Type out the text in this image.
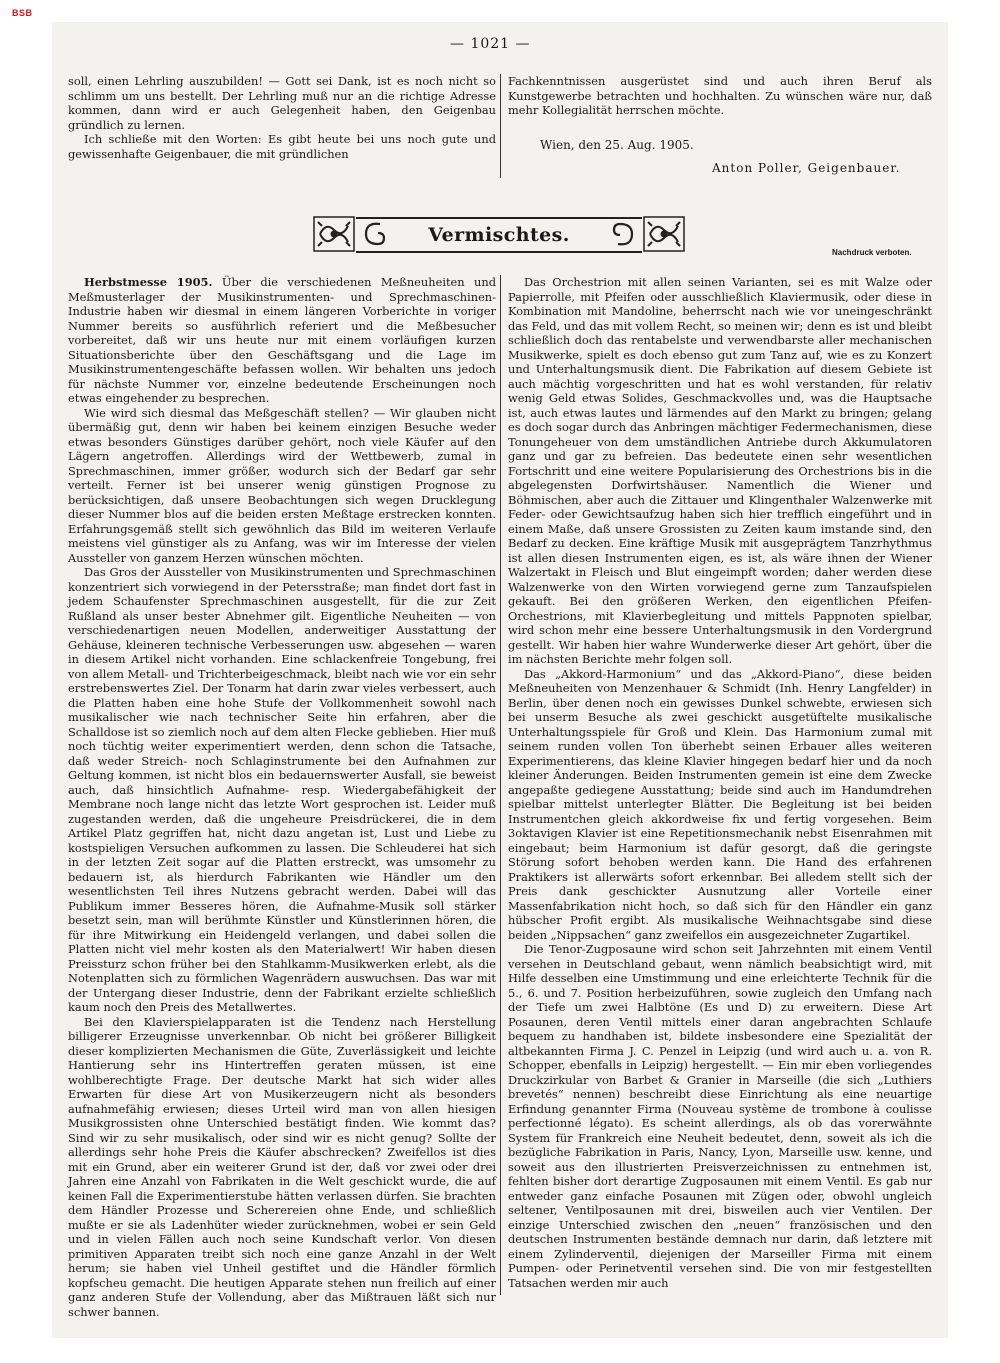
BSB
— 1021 —

soll, einen Lehrling auszubilden! — Gott sei Dank, ist es noch nicht so schlimm um uns bestellt. Der Lehrling muß nur an die richtige Adresse kommen, dann wird er auch Gelegenheit haben, den Geigenbau gründlich zu lernen.

Ich schließe mit den Worten: Es gibt heute bei uns noch gute und gewissenhafte Geigenbauer, die mit gründlichen

Fachkenntnissen ausgerüstet sind und auch ihren Beruf als Kunstgewerbe betrachten und hochhalten. Zu wünschen wäre nur, daß mehr Kollegialität herrschen möchte.

Wien, den 25. Aug. 1905.
Anton Poller, Geigenbauer.
Vermischtes.
Nachdruck verboten.

Herbstmesse 1905. Über die verschiedenen Meßneuheiten und Meßmusterlager der Musikinstrumenten- und Sprechmaschinen-Industrie haben wir diesmal in einem längeren Vorberichte in voriger Nummer bereits so ausführlich referiert und die Meßbesucher vorbereitet, daß wir uns heute nur mit einem vorläufigen kurzen Situationsberichte über den Geschäftsgang und die Lage im Musikinstrumentengeschäfte befassen wollen. Wir behalten uns jedoch für nächste Nummer vor, einzelne bedeutende Erscheinungen noch etwas eingehender zu besprechen.

Wie wird sich diesmal das Meßgeschäft stellen? — Wir glauben nicht übermäßig gut, denn wir haben bei keinem einzigen Besuche weder etwas besonders Günstiges darüber gehört, noch viele Käufer auf den Lägern angetroffen. Allerdings wird der Wettbewerb, zumal in Sprechmaschinen, immer größer, wodurch sich der Bedarf gar sehr verteilt. Ferner ist bei unserer wenig günstigen Prognose zu berücksichtigen, daß unsere Beobachtungen sich wegen Drucklegung dieser Nummer blos auf die beiden ersten Meßtage erstrecken konnten. Erfahrungsgemäß stellt sich gewöhnlich das Bild im weiteren Verlaufe meistens viel günstiger als zu Anfang, was wir im Interesse der vielen Aussteller von ganzem Herzen wünschen möchten.

Das Gros der Aussteller von Musikinstrumenten und Sprechmaschinen konzentriert sich vorwiegend in der Petersstraße; man findet dort fast in jedem Schaufenster Sprechmaschinen ausgestellt, für die zur Zeit Rußland als unser bester Abnehmer gilt. Eigentliche Neuheiten — von verschiedenartigen neuen Modellen, anderweitiger Ausstattung der Gehäuse, kleineren technische Verbesserungen usw. abgesehen — waren in diesem Artikel nicht vorhanden. Eine schlackenfreie Tongebung, frei von allem Metall- und Trichterbeigeschmack, bleibt nach wie vor ein sehr erstrebenswertes Ziel. Der Tonarm hat darin zwar vieles verbessert, auch die Platten haben eine hohe Stufe der Vollkommenheit sowohl nach musikalischer wie nach technischer Seite hin erfahren, aber die Schalldose ist so ziemlich noch auf dem alten Flecke geblieben. Hier muß noch tüchtig weiter experimentiert werden, denn schon die Tatsache, daß weder Streich- noch Schlaginstrumente bei den Aufnahmen zur Geltung kommen, ist nicht blos ein bedauernswerter Ausfall, sie beweist auch, daß hinsichtlich Aufnahme- resp. Wiedergabefähigkeit der Membrane noch lange nicht das letzte Wort gesprochen ist. Leider muß zugestanden werden, daß die ungeheure Preisdrückerei, die in dem Artikel Platz gegriffen hat, nicht dazu angetan ist, Lust und Liebe zu kostspieligen Versuchen aufkommen zu lassen. Die Schleuderei hat sich in der letzten Zeit sogar auf die Platten erstreckt, was umsomehr zu bedauern ist, als hierdurch Fabrikanten wie Händler um den wesentlichsten Teil ihres Nutzens gebracht werden. Dabei will das Publikum immer Besseres hören, die Aufnahme-Musik soll stärker besetzt sein, man will berühmte Künstler und Künstlerinnen hören, die für ihre Mitwirkung ein Heidengeld verlangen, und dabei sollen die Platten nicht viel mehr kosten als den Materialwert! Wir haben diesen Preissturz schon früher bei den Stahlkamm-Musikwerken erlebt, als die Notenplatten sich zu förmlichen Wagenrädern auswuchsen. Das war mit der Untergang dieser Industrie, denn der Fabrikant erzielte schließlich kaum noch den Preis des Metallwertes.

Bei den Klavierspielapparaten ist die Tendenz nach Herstellung billigerer Erzeugnisse unverkennbar. Ob nicht bei größerer Billigkeit dieser komplizierten Mechanismen die Güte, Zuverlässigkeit und leichte Hantierung sehr ins Hintertreffen geraten müssen, ist eine wohlberechtigte Frage. Der deutsche Markt hat sich wider alles Erwarten für diese Art von Musikerzeugern nicht als besonders aufnahmefähig erwiesen; dieses Urteil wird man von allen hiesigen Musikgrossisten ohne Unterschied bestätigt finden. Wie kommt das? Sind wir zu sehr musikalisch, oder sind wir es nicht genug? Sollte der allerdings sehr hohe Preis die Käufer abschrecken? Zweifellos ist dies mit ein Grund, aber ein weiterer Grund ist der, daß vor zwei oder drei Jahren eine Anzahl von Fabrikaten in die Welt geschickt wurde, die auf keinen Fall die Experimentierstube hätten verlassen dürfen. Sie brachten dem Händler Prozesse und Scherereien ohne Ende, und schließlich mußte er sie als Ladenhüter wieder zurücknehmen, wobei er sein Geld und in vielen Fällen auch noch seine Kundschaft verlor. Von diesen primitiven Apparaten treibt sich noch eine ganze Anzahl in der Welt herum; sie haben viel Unheil gestiftet und die Händler förmlich kopfscheu gemacht. Die heutigen Apparate stehen nun freilich auf einer ganz anderen Stufe der Vollendung, aber das Mißtrauen läßt sich nur schwer bannen.

Das Orchestrion mit allen seinen Varianten, sei es mit Walze oder Papierrolle, mit Pfeifen oder ausschließlich Klaviermusik, oder diese in Kombination mit Mandoline, beherrscht nach wie vor uneingeschränkt das Feld, und das mit vollem Recht, so meinen wir; denn es ist und bleibt schließlich doch das rentabelste und verwendbarste aller mechanischen Musikwerke, spielt es doch ebenso gut zum Tanz auf, wie es zu Konzert und Unterhaltungsmusik dient. Die Fabrikation auf diesem Gebiete ist auch mächtig vorgeschritten und hat es wohl verstanden, für relativ wenig Geld etwas Solides, Geschmackvolles und, was die Hauptsache ist, auch etwas lautes und lärmendes auf den Markt zu bringen; gelang es doch sogar durch das Anbringen mächtiger Federmechanismen, diese Tonungeheuer von dem umständlichen Antriebe durch Akkumulatoren ganz und gar zu befreien. Das bedeutete einen sehr wesentlichen Fortschritt und eine weitere Popularisierung des Orchestrions bis in die abgelegensten Dorfwirtshäuser. Namentlich die Wiener und Böhmischen, aber auch die Zittauer und Klingenthaler Walzenwerke mit Feder- oder Gewichtsaufzug haben sich hier trefflich eingeführt und in einem Maße, daß unsere Grossisten zu Zeiten kaum imstande sind, den Bedarf zu decken. Eine kräftige Musik mit ausgeprägtem Tanzrhythmus ist allen diesen Instrumenten eigen, es ist, als wäre ihnen der Wiener Walzertakt in Fleisch und Blut eingeimpft worden; daher werden diese Walzenwerke von den Wirten vorwiegend gerne zum Tanzaufspielen gekauft. Bei den größeren Werken, den eigentlichen Pfeifen-Orchestrions, mit Klavierbegleitung und mittels Pappnoten spielbar, wird schon mehr eine bessere Unterhaltungsmusik in den Vordergrund gestellt. Wir haben hier wahre Wunderwerke dieser Art gehört, über die im nächsten Berichte mehr folgen soll.

Das „Akkord-Harmonium“ und das „Akkord-Piano“, diese beiden Meßneuheiten von Menzenhauer & Schmidt (Inh. Henry Langfelder) in Berlin, über denen noch ein gewisses Dunkel schwebte, erwiesen sich bei unserm Besuche als zwei geschickt ausgetüftelte musikalische Unterhaltungsspiele für Groß und Klein. Das Harmonium zumal mit seinem runden vollen Ton überhebt seinen Erbauer alles weiteren Experimentierens, das kleine Klavier hingegen bedarf hier und da noch kleiner Änderungen. Beiden Instrumenten gemein ist eine dem Zwecke angepaßte gediegene Ausstattung; beide sind auch im Handumdrehen spielbar mittelst unterlegter Blätter. Die Begleitung ist bei beiden Instrumentchen gleich akkordweise fix und fertig vorgesehen. Beim 3oktavigen Klavier ist eine Repetitionsmechanik nebst Eisenrahmen mit eingebaut; beim Harmonium ist dafür gesorgt, daß die geringste Störung sofort behoben werden kann. Die Hand des erfahrenen Praktikers ist allerwärts sofort erkennbar. Bei alledem stellt sich der Preis dank geschickter Ausnutzung aller Vorteile einer Massenfabrikation nicht hoch, so daß sich für den Händler ein ganz hübscher Profit ergibt. Als musikalische Weihnachtsgabe sind diese beiden „Nippsachen“ ganz zweifellos ein ausgezeichneter Zugartikel.

Die Tenor-Zugposaune wird schon seit Jahrzehnten mit einem Ventil versehen in Deutschland gebaut, wenn nämlich beabsichtigt wird, mit Hilfe desselben eine Umstimmung und eine erleichterte Technik für die 5., 6. und 7. Position herbeizuführen, sowie zugleich den Umfang nach der Tiefe um zwei Halbtöne (Es und D) zu erweitern. Diese Art Posaunen, deren Ventil mittels einer daran angebrachten Schlaufe bequem zu handhaben ist, bildete insbesondere eine Spezialität der altbekannten Firma J. C. Penzel in Leipzig (und wird auch u. a. von R. Schopper, ebenfalls in Leipzig) hergestellt. — Ein mir eben vorliegendes Druckzirkular von Barbet & Granier in Marseille (die sich „Luthiers brevetés“ nennen) beschreibt diese Einrichtung als eine neuartige Erfindung genannter Firma (Nouveau système de trombone à coulisse perfectionné légato). Es scheint allerdings, als ob das vorerwähnte System für Frankreich eine Neuheit bedeutet, denn, soweit als ich die bezügliche Fabrikation in Paris, Nancy, Lyon, Marseille usw. kenne, und soweit aus den illustrierten Preisverzeichnissen zu entnehmen ist, fehlten bisher dort derartige Zugposaunen mit einem Ventil. Es gab nur entweder ganz einfache Posaunen mit Zügen oder, obwohl ungleich seltener, Ventilposaunen mit drei, bisweilen auch vier Ventilen. Der einzige Unterschied zwischen den „neuen“ französischen und den deutschen Instrumenten bestände demnach nur darin, daß letztere mit einem Zylinderventil, diejenigen der Marseiller Firma mit einem Pumpen- oder Perinetventil versehen sind. Die von mir festgestellten Tatsachen werden mir auch
